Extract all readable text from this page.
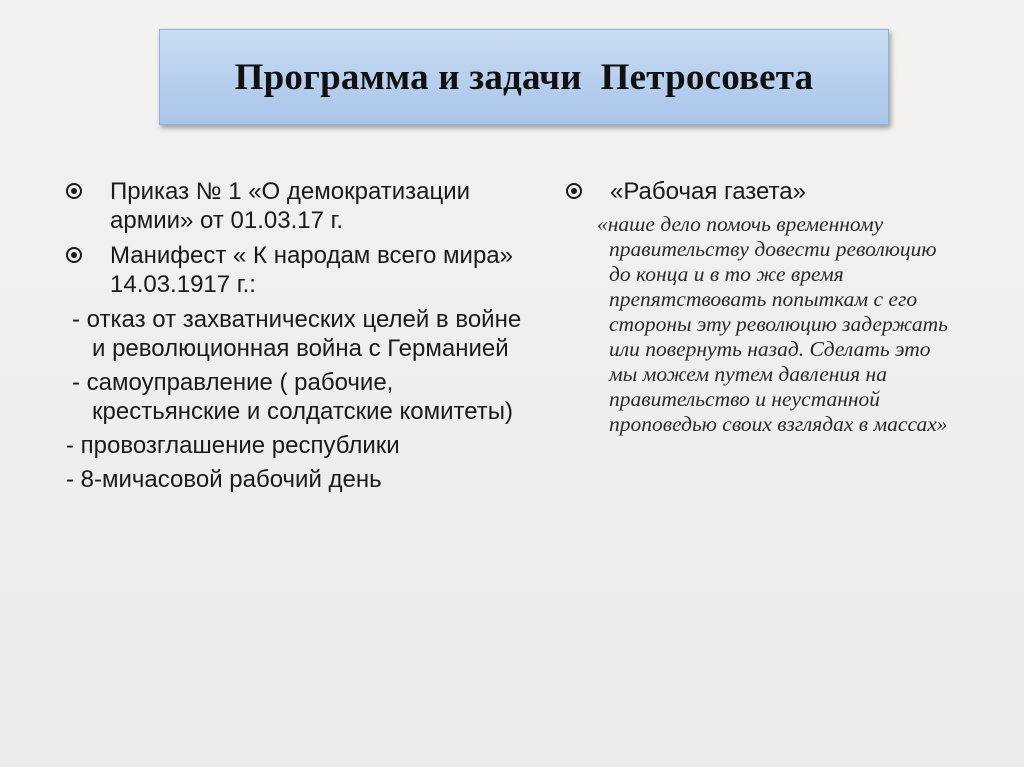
Программа и задачи  Петросовета
Приказ № 1 «О демократизации армии» от 01.03.17 г.
Манифест « К народам всего мира» 14.03.1917 г.:
- отказ от захватнических целей в войне и революционная война с Германией
- самоуправление ( рабочие, крестьянские и солдатские комитеты)
- провозглашение республики
- 8-мичасовой рабочий день
«Рабочая газета»
«наше дело помочь временному правительству довести революцию до конца и в то же время препятствовать попыткам с его стороны эту революцию задержать или повернуть назад. Сделать это мы можем путем давления на правительство и неустанной проповедью своих взглядах в массах»
